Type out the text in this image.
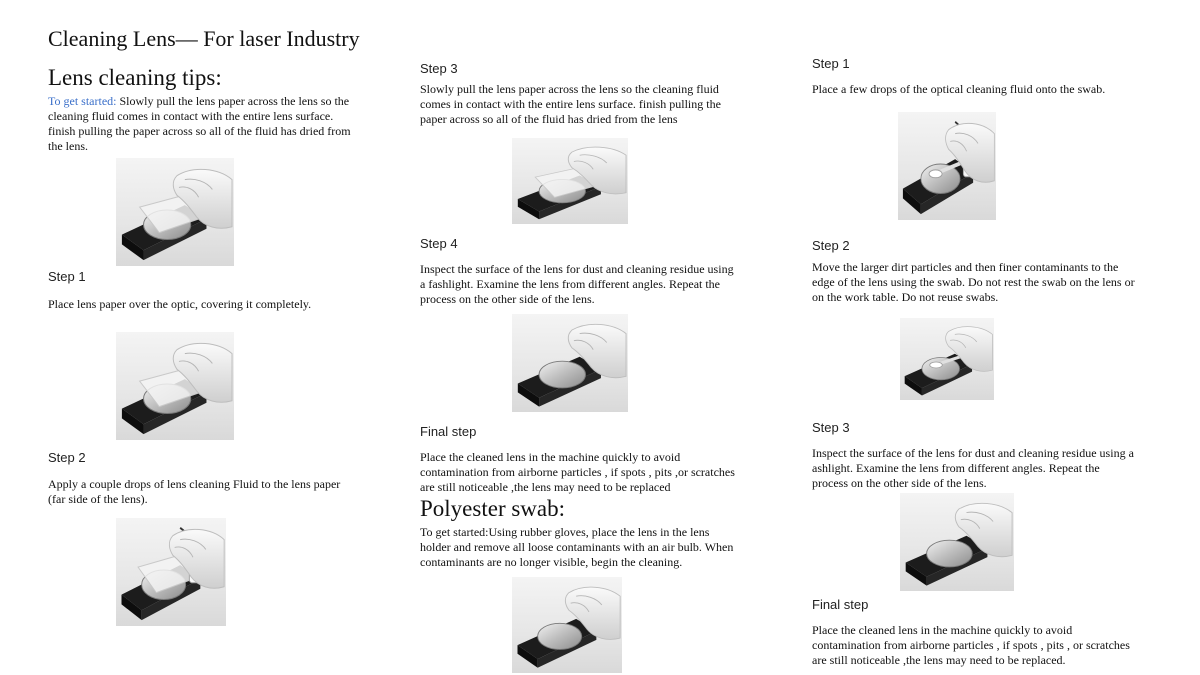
Cleaning Lens— For laser Industry
Lens cleaning tips:
To get started: Slowly pull the lens paper across the lens so the cleaning fluid comes in contact with the entire lens surface. finish pulling the paper across so all of the fluid has dried from the lens.
Step 1
Place lens paper over the optic, covering it completely.
Step 2
Apply a couple drops of lens cleaning Fluid to the lens paper (far side of the lens).
Step 3
Slowly pull the lens paper across the lens so the cleaning fluid comes in contact with the entire lens surface. finish pulling the paper across so all of the fluid has dried from the lens
Step 4
Inspect the surface of the lens for dust and cleaning residue using a fashlight. Examine the lens from different angles. Repeat the process on the other side of the lens.
Final step
Place the cleaned lens in the machine quickly to avoid contamination from airborne particles , if spots , pits ,or scratches are still noticeable ,the lens may need to be replaced
Polyester swab:
To get started:Using rubber gloves, place the lens in the lens holder and remove all loose contaminants with an air bulb. When contaminants are no longer visible, begin the cleaning.
Step 1
Place a few drops of the optical cleaning fluid onto the swab.
Step 2
Move the larger dirt particles and then finer contaminants to the edge of the lens using the swab. Do not rest the swab on the lens or on the work table. Do not reuse swabs.
Step 3
Inspect the surface of the lens for dust and cleaning residue using a ashlight. Examine the lens from different angles. Repeat the process on the other side of the lens.
Final step
Place the cleaned lens in the machine quickly to avoid contamination from airborne particles , if spots , pits , or scratches are still noticeable ,the lens may need to be replaced.
